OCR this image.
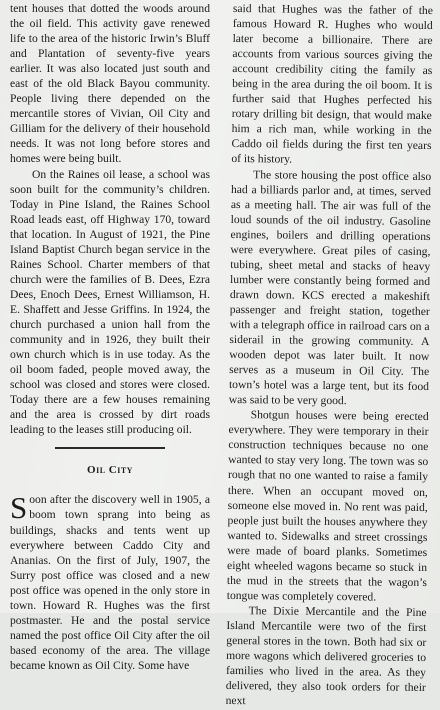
tent houses that dotted the woods around the oil field. This activity gave renewed life to the area of the historic Irwin’s Bluff and Plantation of seventy-five years earlier. It was also located just south and east of the old Black Bayou community. People living there depended on the mercantile stores of Vivian, Oil City and Gilliam for the delivery of their household needs. It was not long before stores and homes were being built.

On the Raines oil lease, a school was soon built for the community’s children. Today in Pine Island, the Raines School Road leads east, off Highway 170, toward that location. In August of 1921, the Pine Island Baptist Church began service in the Raines School. Charter members of that church were the families of B. Dees, Ezra Dees, Enoch Dees, Ernest Williamson, H. E. Shaffett and Jesse Griffins. In 1924, the church purchased a union hall from the community and in 1926, they built their own church which is in use today. As the oil boom faded, people moved away, the school was closed and stores were closed. Today there are a few houses remaining and the area is crossed by dirt roads leading to the leases still producing oil.

Oil City

Soon after the discovery well in 1905, a boom town sprang into being as buildings, shacks and tents went up everywhere between Caddo City and Ananias. On the first of July, 1907, the Surry post office was closed and a new post office was opened in the only store in town. Howard R. Hughes was the first postmaster. He and the postal service named the post office Oil City after the oil based economy of the area. The village became known as Oil City. Some have

said that Hughes was the father of the famous Howard R. Hughes who would later become a billionaire. There are accounts from various sources giving the account credibility citing the family as being in the area during the oil boom. It is further said that Hughes perfected his rotary drilling bit design, that would make him a rich man, while working in the Caddo oil fields during the first ten years of its history.

The store housing the post office also had a billiards parlor and, at times, served as a meeting hall. The air was full of the loud sounds of the oil industry. Gasoline engines, boilers and drilling operations were everywhere. Great piles of casing, tubing, sheet metal and stacks of heavy lumber were constantly being formed and drawn down. KCS erected a makeshift passenger and freight station, together with a telegraph office in railroad cars on a siderail in the growing community. A wooden depot was later built. It now serves as a museum in Oil City. The town’s hotel was a large tent, but its food was said to be very good.

Shotgun houses were being erected everywhere. They were temporary in their construction techniques because no one wanted to stay very long. The town was so rough that no one wanted to raise a family there. When an occupant moved on, someone else moved in. No rent was paid, people just built the houses anywhere they wanted to. Sidewalks and street crossings were made of board planks. Sometimes eight wheeled wagons became so stuck in the mud in the streets that the wagon’s tongue was completely covered.

The Dixie Mercantile and the Pine Island Mercantile were two of the first general stores in the town. Both had six or more wagons which delivered groceries to families who lived in the area. As they delivered, they also took orders for their next
